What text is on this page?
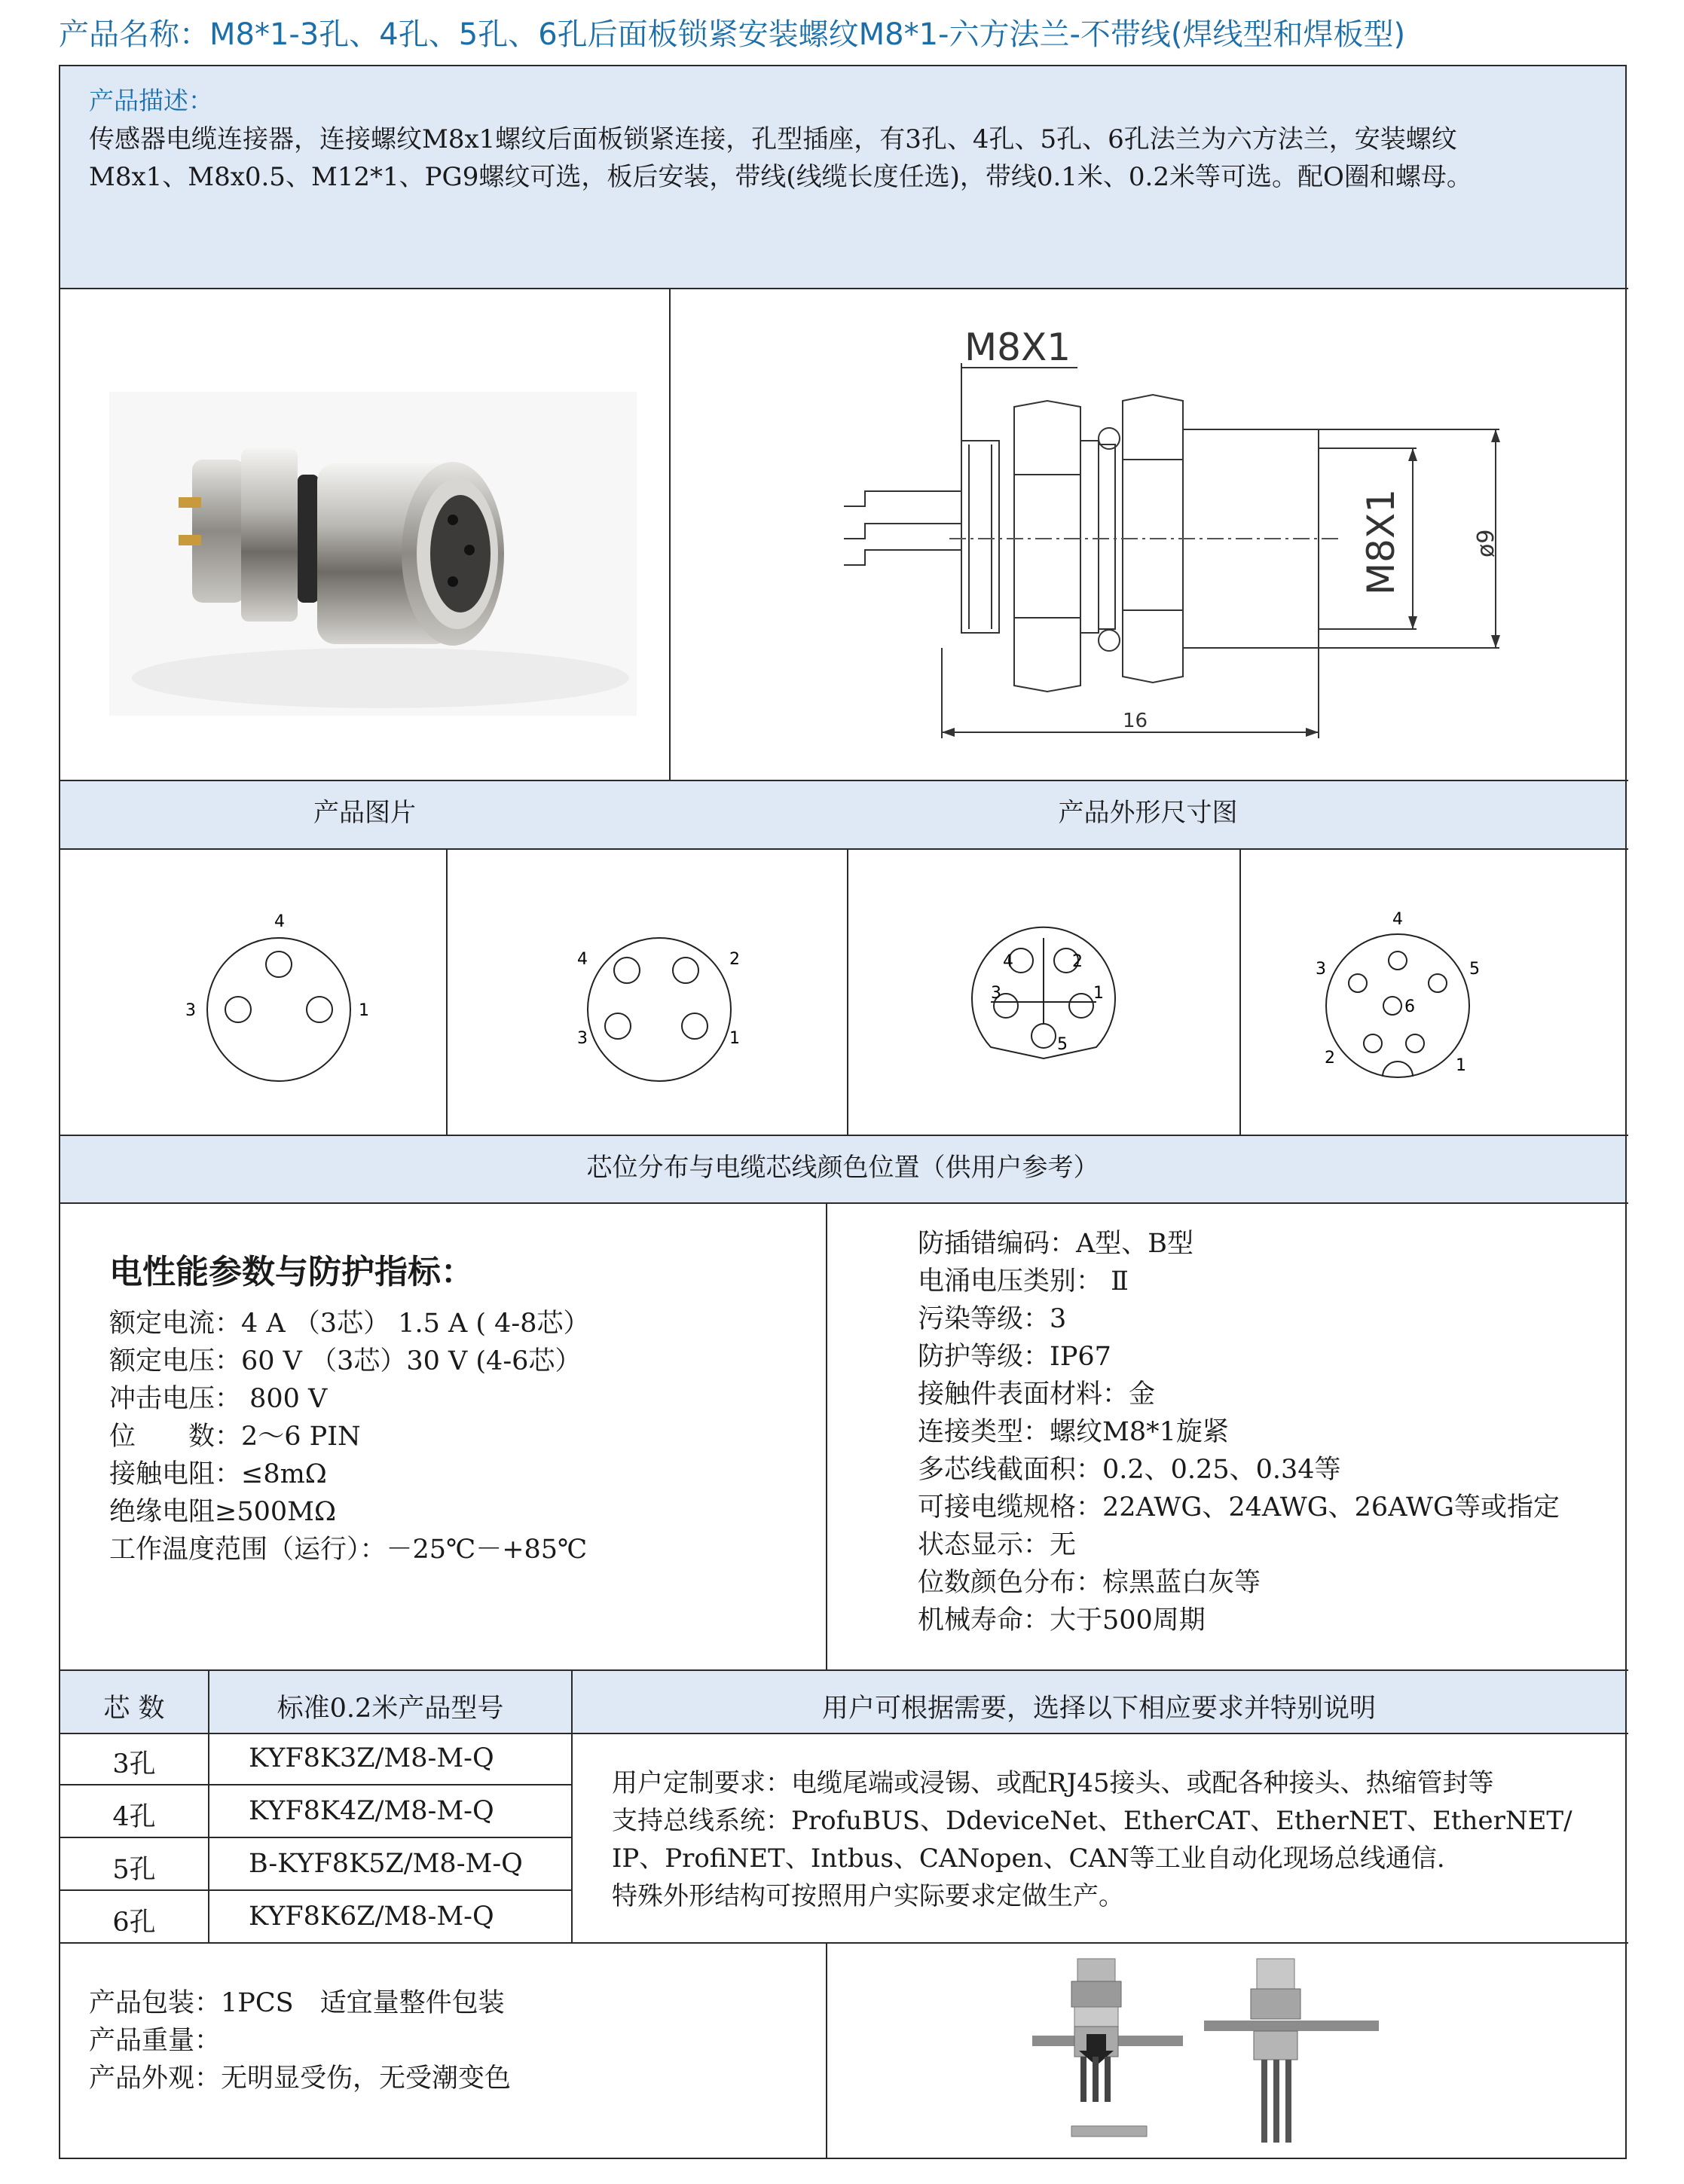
产品名称：M8*1-3孔、4孔、5孔、6孔后面板锁紧安装螺纹M8*1-六方法兰-不带线(焊线型和焊板型)
产品描述：
传感器电缆连接器，连接螺纹M8x1螺纹后面板锁紧连接，孔型插座，有3孔、4孔、5孔、6孔法兰为六方法兰，安装螺纹
M8x1、M8x0.5、M12*1、PG9螺纹可选，板后安装，带线(线缆长度任选)，带线0.1米、0.2米等可选。配O圈和螺母。
M8X1
M8X1	ø9
16
产品图片	产品外形尺寸图
4
3	1
4	2
3	1
4	2
3	1
5
4
3	5
6
2	1
芯位分布与电缆芯线颜色位置（供用户参考）
电性能参数与防护指标：
额定电流：4 A （3芯） 1.5 A ( 4-8芯）
额定电压：60 V （3芯）30 V (4-6芯）
冲击电压： 800 V
位　　数：2～6 PIN
接触电阻：≤8mΩ
绝缘电阻≥500MΩ
工作温度范围（运行）：－25℃－+85℃
防插错编码：A型、B型
电涌电压类别： Ⅱ
污染等级：3
防护等级：IP67
接触件表面材料：金
连接类型：螺纹M8*1旋紧
多芯线截面积：0.2、0.25、0.34等
可接电缆规格：22AWG、24AWG、26AWG等或指定
状态显示：无
位数颜色分布：棕黑蓝白灰等
机械寿命：大于500周期
芯 数	标准0.2米产品型号	用户可根据需要，选择以下相应要求并特别说明
3孔	KYF8K3Z/M8-M-Q
4孔	KYF8K4Z/M8-M-Q
5孔	B-KYF8K5Z/M8-M-Q
6孔	KYF8K6Z/M8-M-Q
用户定制要求：电缆尾端或浸锡、或配RJ45接头、或配各种接头、热缩管封等
支持总线系统：ProfuBUS、DdeviceNet、EtherCAT、EtherNET、EtherNET/
IP、ProfiNET、Intbus、CANopen、CAN等工业自动化现场总线通信.
特殊外形结构可按照用户实际要求定做生产。
产品包装：1PCS　适宜量整件包装
产品重量：
产品外观：无明显受伤，无受潮变色
